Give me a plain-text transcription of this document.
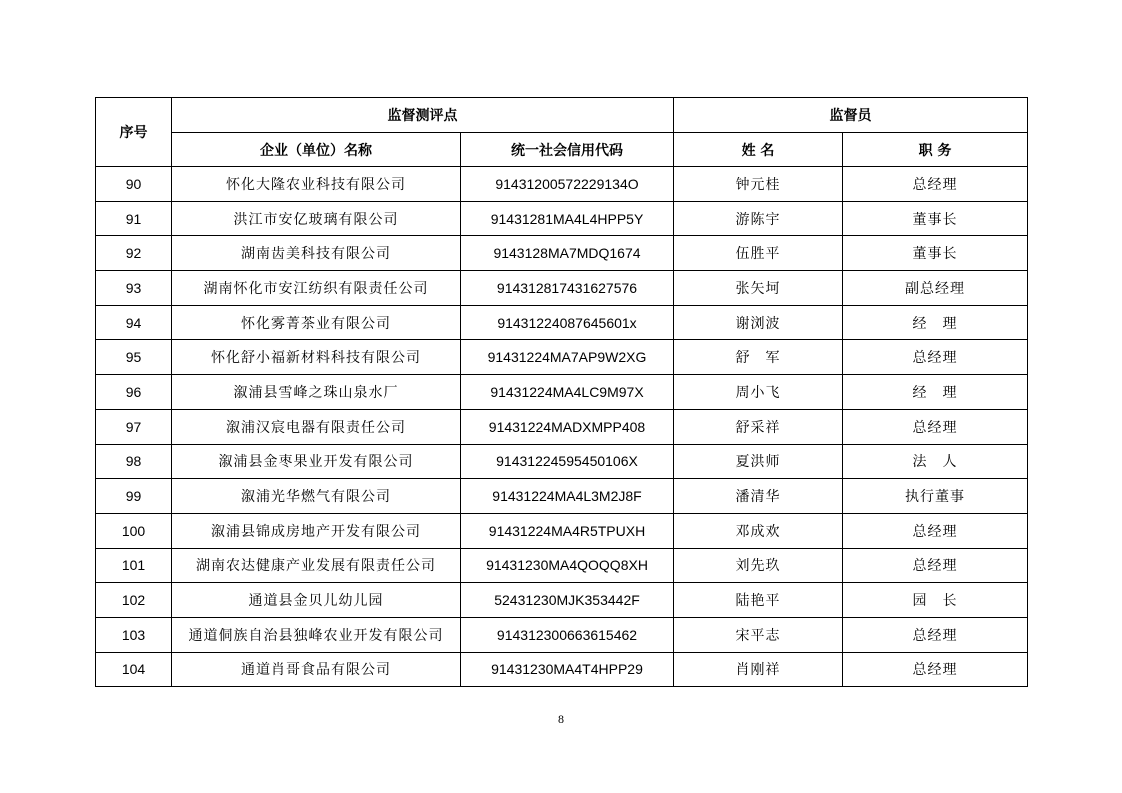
序号	监督测评点		监督员	
	企业（单位）名称	统一社会信用代码	姓 名	职 务
90	怀化大隆农业科技有限公司	91431200572229134O	钟元桂	总经理
91	洪江市安亿玻璃有限公司	91431281MA4L4HPP5Y	游陈宇	董事长
92	湖南齿美科技有限公司	9143128MA7MDQ1674	伍胜平	董事长
93	湖南怀化市安江纺织有限责任公司	914312817431627576	张矢坷	副总经理
94	怀化雾菁茶业有限公司	91431224087645601x	谢浏波	经　理
95	怀化舒小福新材料科技有限公司	91431224MA7AP9W2XG	舒　军	总经理
96	溆浦县雪峰之珠山泉水厂	91431224MA4LC9M97X	周小飞	经　理
97	溆浦汉宸电器有限责任公司	91431224MADXMPP408	舒采祥	总经理
98	溆浦县金枣果业开发有限公司	91431224595450106X	夏洪师	法　人
99	溆浦光华燃气有限公司	91431224MA4L3M2J8F	潘清华	执行董事
100	溆浦县锦成房地产开发有限公司	91431224MA4R5TPUXH	邓成欢	总经理
101	湖南农达健康产业发展有限责任公司	91431230MA4QOQQ8XH	刘先玖	总经理
102	通道县金贝儿幼儿园	52431230MJK353442F	陆艳平	园　长
103	通道侗族自治县独峰农业开发有限公司	914312300663615462	宋平志	总经理
104	通道肖哥食品有限公司	91431230MA4T4HPP29	肖刚祥	总经理
8
